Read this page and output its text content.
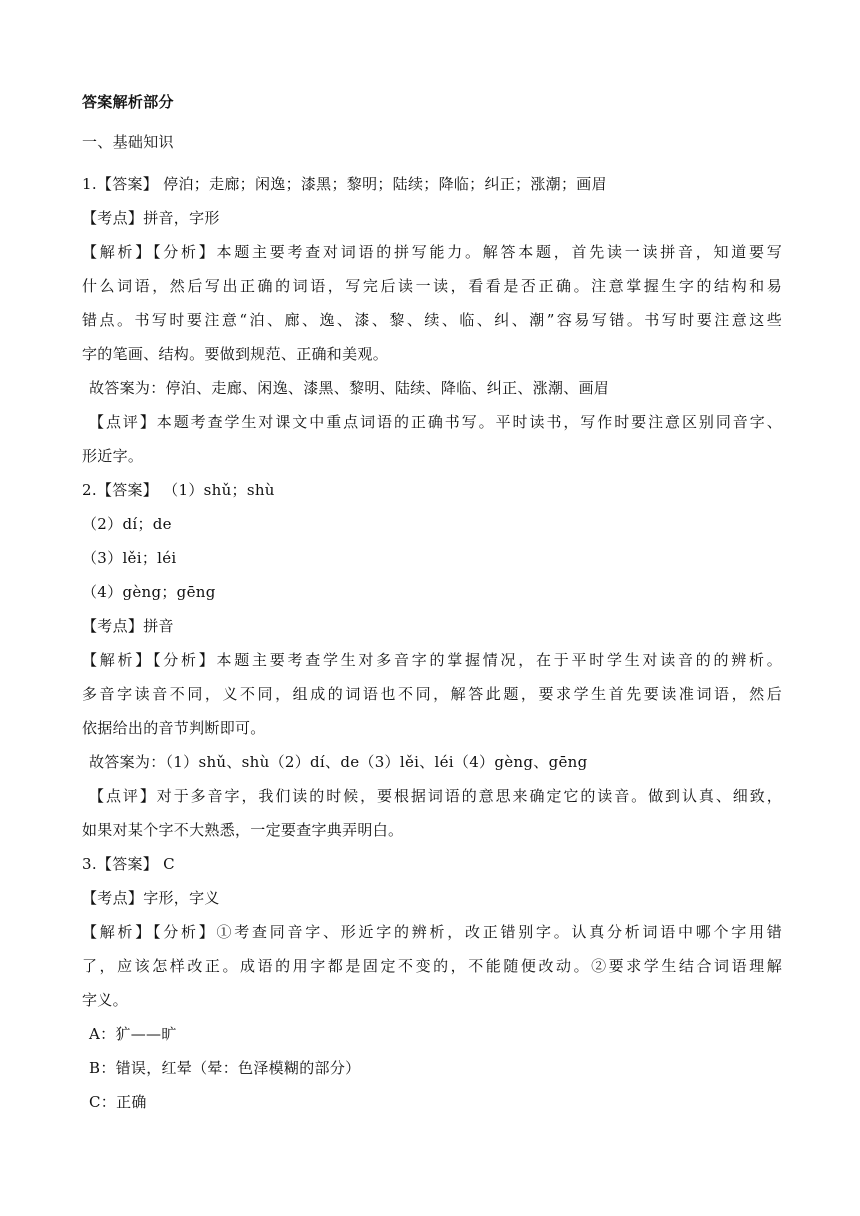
答案解析部分
一、基础知识
1.【答案】 停泊；走廊；闲逸；漆黑；黎明；陆续；降临；纠正；涨潮；画眉
【考点】拼音，字形
【解析】【分析】本题主要考查对词语的拼写能力。解答本题，首先读一读拼音，知道要写
什么词语，然后写出正确的词语，写完后读一读，看看是否正确。注意掌握生字的结构和易
错点。书写时要注意“泊、廊、逸、漆、黎、续、临、纠、潮”容易写错。书写时要注意这些
字的笔画、结构。要做到规范、正确和美观。
故答案为：停泊、走廊、闲逸、漆黑、黎明、陆续、降临、纠正、涨潮、画眉
【点评】本题考查学生对课文中重点词语的正确书写。平时读书，写作时要注意区别同音字、
形近字。
2.【答案】 （1）shǔ；shù
（2）dí；de
（3）lěi；léi
（4）gèng；gēng
【考点】拼音
【解析】【分析】本题主要考查学生对多音字的掌握情况，在于平时学生对读音的的辨析。
多音字读音不同，义不同，组成的词语也不同，解答此题，要求学生首先要读准词语，然后
依据给出的音节判断即可。
故答案为：（1）shǔ、shù（2）dí、de（3）lěi、léi（4）gèng、gēng
【点评】对于多音字，我们读的时候，要根据词语的意思来确定它的读音。做到认真、细致，
如果对某个字不大熟悉，一定要查字典弄明白。
3.【答案】 C
【考点】字形，字义
【解析】【分析】①考查同音字、形近字的辨析，改正错别字。认真分析词语中哪个字用错
了，应该怎样改正。成语的用字都是固定不变的，不能随便改动。②要求学生结合词语理解
字义。
A：犷——旷
B：错误，红晕（晕：色泽模糊的部分）
C：正确
